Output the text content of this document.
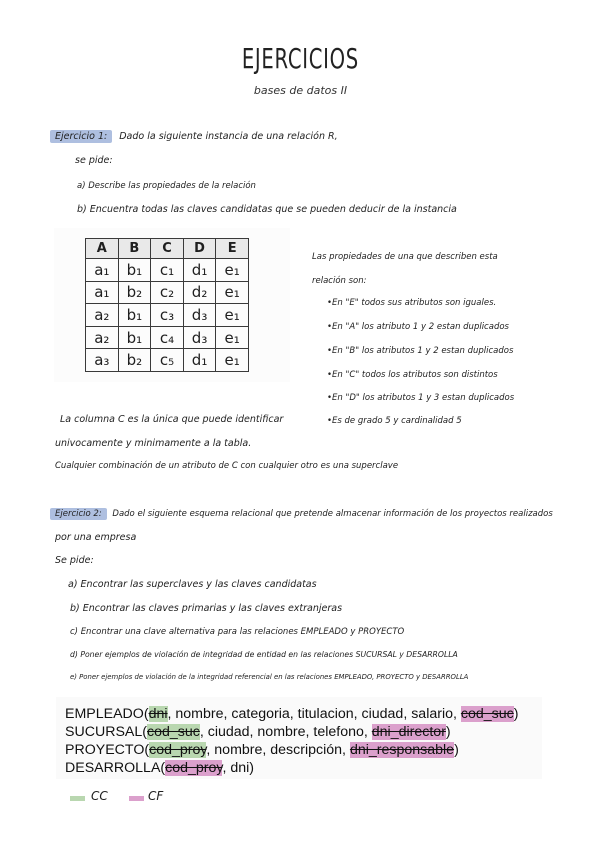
EJERCICIOS
bases de datos II
Ejercicio 1: Dado la siguiente instancia de una relación R,
se pide:
a) Describe las propiedades de la relación
b) Encuentra todas las claves candidatas que se pueden deducir de la instancia
A	B	C	D	E
a₁	b₁	c₁	d₁	e₁
a₁	b₂	c₂	d₂	e₁
a₂	b₁	c₃	d₃	e₁
a₂	b₁	c₄	d₃	e₁
a₃	b₂	c₅	d₁	e₁
Las propiedades de una que describen esta
relación son:
• En "E" todos sus atributos son iguales.
• En "A" los atributo 1 y 2 estan duplicados
• En "B" los atributos 1 y 2 estan duplicados
• En "C" todos los atributos son distintos
• En "D" los atributos 1 y 3 estan duplicados
• Es de grado 5 y cardinalidad 5
La columna C es la única que puede identificar
univocamente y minimamente a la tabla.
Cualquier combinación de un atributo de C con cualquier otro es una superclave
Ejercicio 2: Dado el siguiente esquema relacional que pretende almacenar información de los proyectos realizados
por una empresa
Se pide:
a) Encontrar las superclaves y las claves candidatas
b) Encontrar las claves primarias y las claves extranjeras
c) Encontrar una clave alternativa para las relaciones EMPLEADO y PROYECTO
d) Poner ejemplos de violación de integridad de entidad en las relaciones SUCURSAL y DESARROLLA
e) Poner ejemplos de violación de la integridad referencial en las relaciones EMPLEADO, PROYECTO y DESARROLLA
EMPLEADO(dni, nombre, categoria, titulacion, ciudad, salario, cod_suc)
SUCURSAL(cod_suc, ciudad, nombre, telefono, dni_director)
PROYECTO(cod_proy, nombre, descripción, dni_responsable)
DESARROLLA(cod_proy, dni)
CC	CF
